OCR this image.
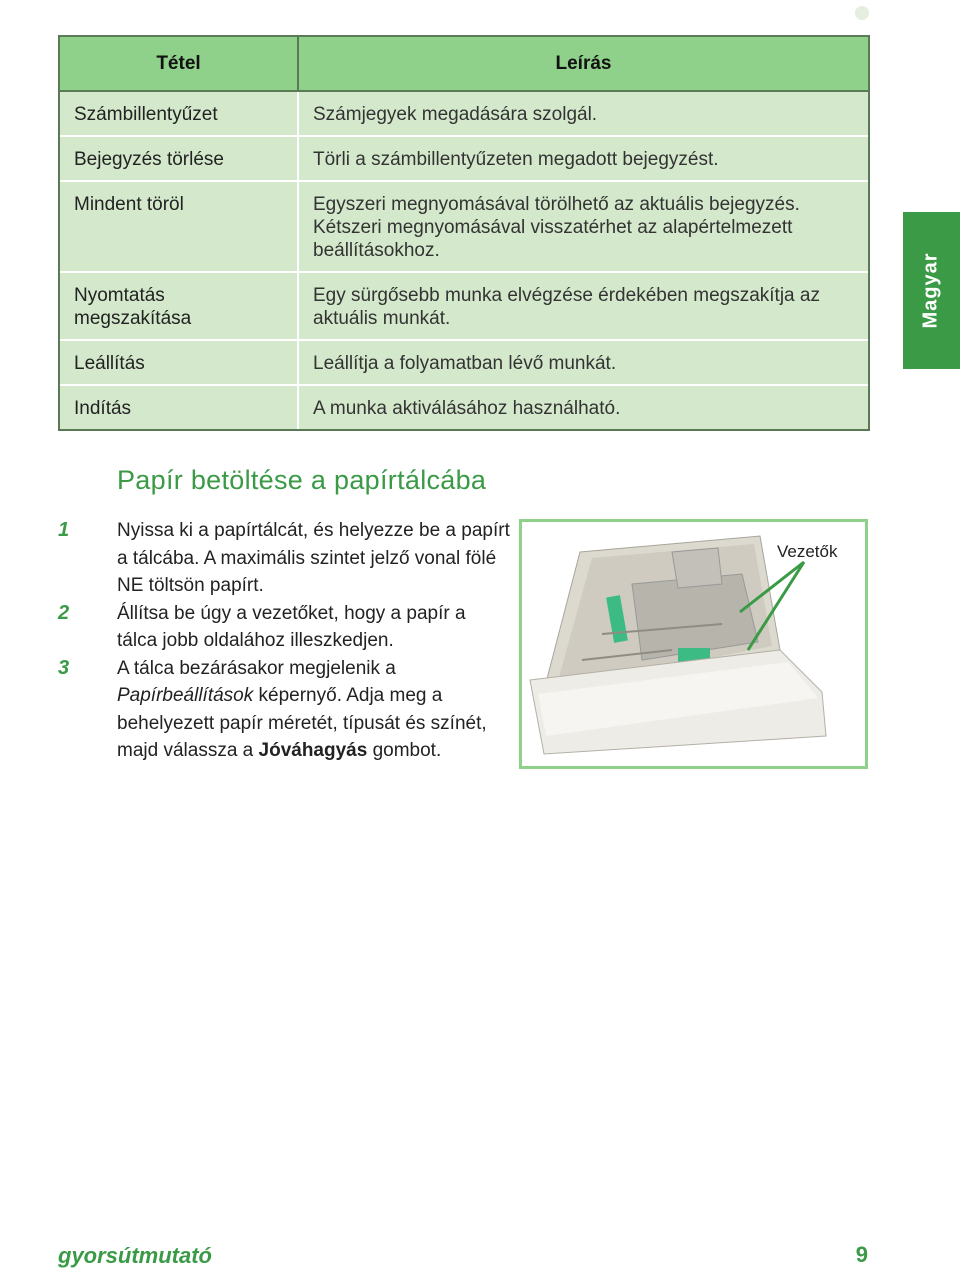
Tétel	Leírás
Számbillentyűzet	Számjegyek megadására szolgál.
Bejegyzés törlése	Törli a számbillentyűzeten megadott bejegyzést.
Mindent töröl	Egyszeri megnyomásával törölhető az aktuális bejegyzés. Kétszeri megnyomásával visszatérhet az alapértelmezett beállításokhoz.
Nyomtatás megszakítása	Egy sürgősebb munka elvégzése érdekében megszakítja az aktuális munkát.
Leállítás	Leállítja a folyamatban lévő munkát.
Indítás	A munka aktiválásához használható.
Magyar
Papír betöltése a papírtálcába
1	Nyissa ki a papírtálcát, és helyezze be a papírt a tálcába. A maximális szintet jelző vonal fölé NE töltsön papírt.
2	Állítsa be úgy a vezetőket, hogy a papír a tálca jobb oldalához illeszkedjen.
3	A tálca bezárásakor megjelenik a Papírbeállítások képernyő. Adja meg a behelyezett papír méretét, típusát és színét, majd válassza a Jóváhagyás gombot.
Vezetők
gyorsútmutató	9
